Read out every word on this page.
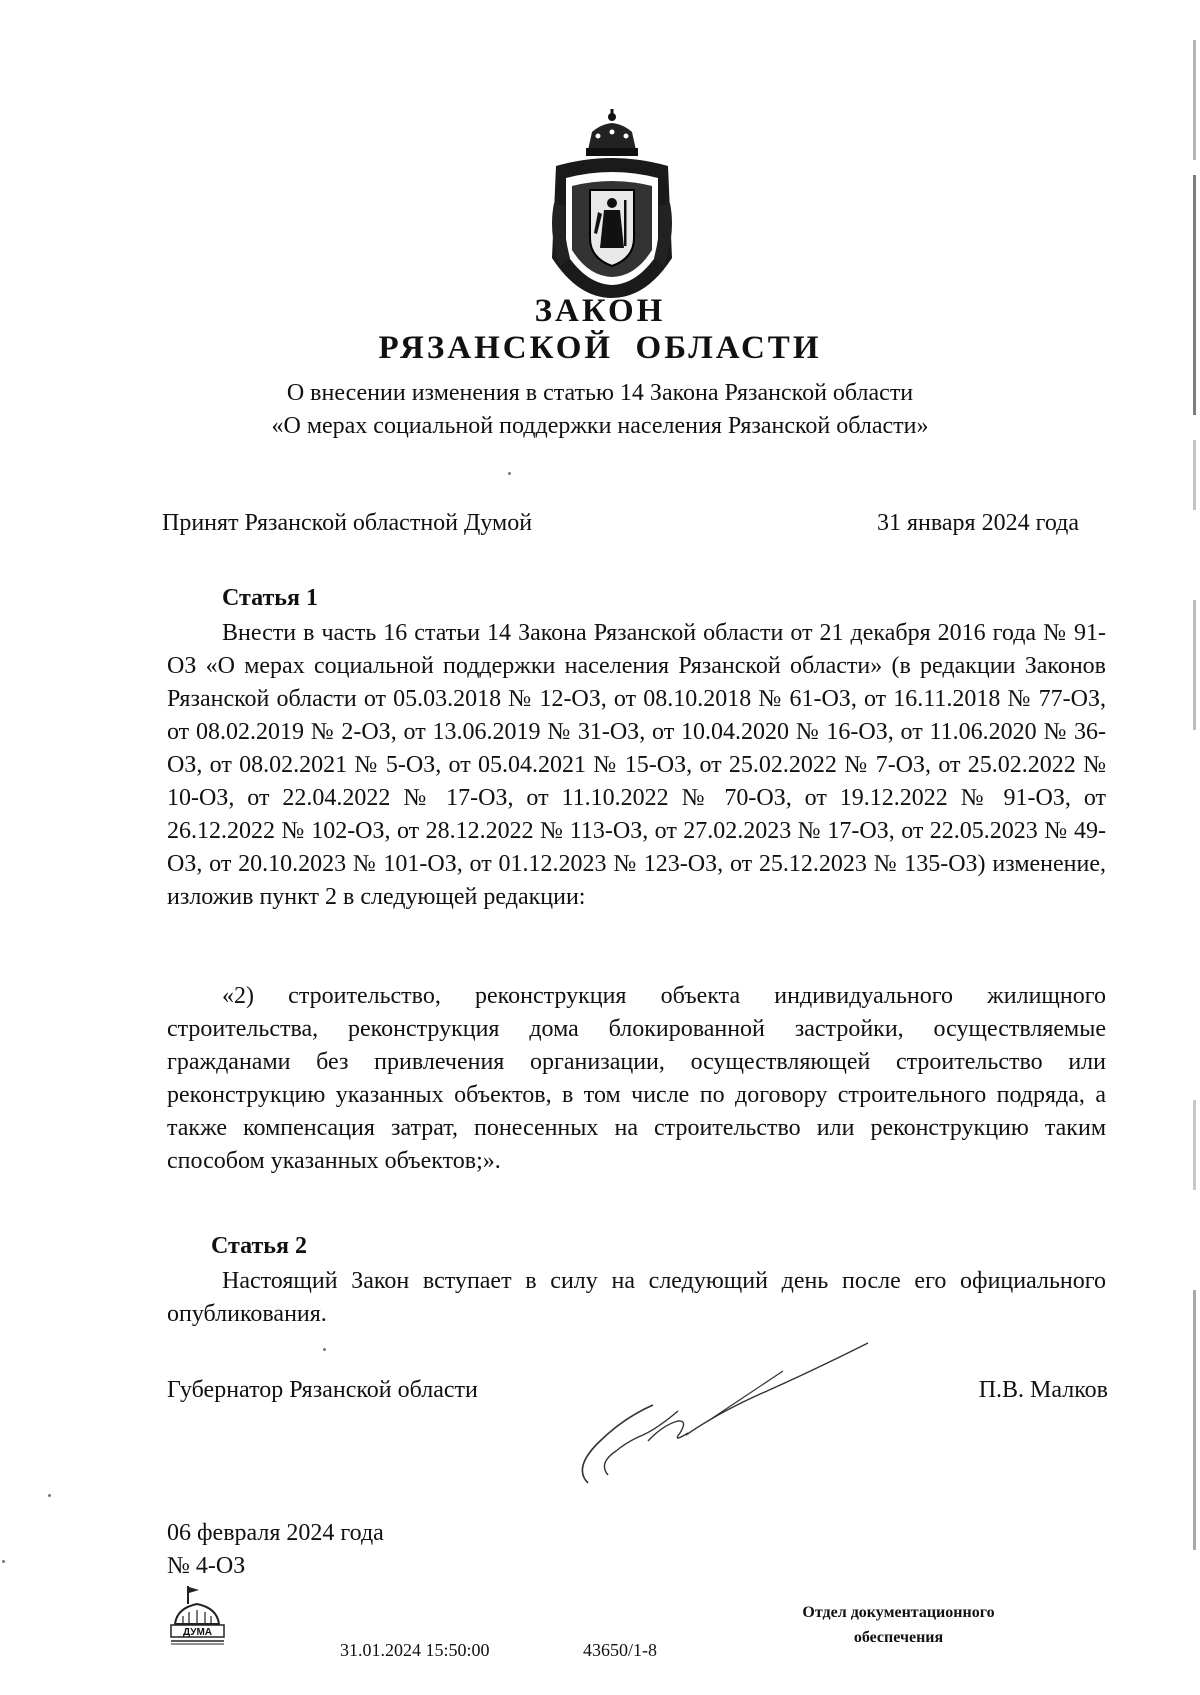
ЗАКОН
РЯЗАНСКОЙ  ОБЛАСТИ
О внесении изменения в статью 14 Закона Рязанской области
«О мерах социальной поддержки населения Рязанской области»
Принят Рязанской областной Думой	31 января 2024 года
Статья 1
Внести в часть 16 статьи 14 Закона Рязанской области от 21 декабря 2016 года № 91-ОЗ «О мерах социальной поддержки населения Рязанской области» (в редакции Законов Рязанской области от 05.03.2018 № 12-ОЗ, от 08.10.2018 № 61-ОЗ, от 16.11.2018 № 77-ОЗ, от 08.02.2019 № 2-ОЗ, от 13.06.2019 № 31-ОЗ, от 10.04.2020 № 16-ОЗ, от 11.06.2020 № 36-ОЗ, от 08.02.2021 № 5-ОЗ, от 05.04.2021 № 15-ОЗ, от 25.02.2022 № 7-ОЗ, от 25.02.2022 № 10-ОЗ, от 22.04.2022 № 17-ОЗ, от 11.10.2022 № 70-ОЗ, от 19.12.2022 № 91-ОЗ, от 26.12.2022 № 102-ОЗ, от 28.12.2022 № 113-ОЗ, от 27.02.2023 № 17-ОЗ, от 22.05.2023 № 49-ОЗ, от 20.10.2023 № 101-ОЗ, от 01.12.2023 № 123-ОЗ, от 25.12.2023 № 135-ОЗ) изменение, изложив пункт 2 в следующей редакции:
«2) строительство, реконструкция объекта индивидуального жилищного строительства, реконструкция дома блокированной застройки, осуществляемые гражданами без привлечения организации, осуществляющей строительство или реконструкцию указанных объектов, в том числе по договору строительного подряда, а также компенсация затрат, понесенных на строительство или реконструкцию таким способом указанных объектов;».
Статья 2
Настоящий Закон вступает в силу на следующий день после его официального опубликования.
Губернатор Рязанской области	П.В. Малков
06 февраля 2024 года
№ 4-ОЗ
ДУМА
Отдел документационного
обеспечения
31.01.2024 15:50:00	43650/1-8
